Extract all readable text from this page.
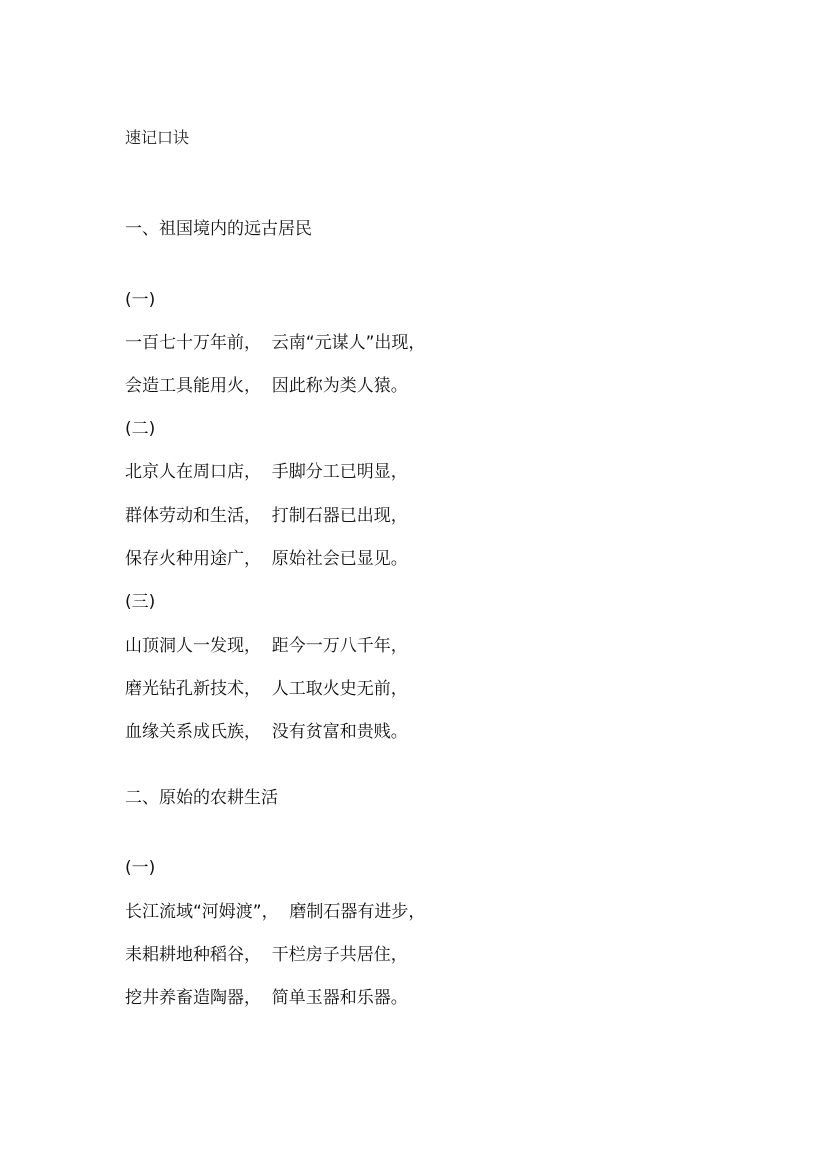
速记口诀
一、祖国境内的远古居民
(一)
一百七十万年前，  云南“元谋人”出现，
会造工具能用火，  因此称为类人猿。
(二)
北京人在周口店，  手脚分工已明显，
群体劳动和生活，  打制石器已出现，
保存火种用途广，  原始社会已显见。
(三)
山顶洞人一发现，  距今一万八千年，
磨光钻孔新技术，  人工取火史无前，
血缘关系成氏族，  没有贫富和贵贱。
二、原始的农耕生活
(一)
长江流域“河姆渡”，  磨制石器有进步，
耒耜耕地种稻谷，  干栏房子共居住，
挖井养畜造陶器，  简单玉器和乐器。
